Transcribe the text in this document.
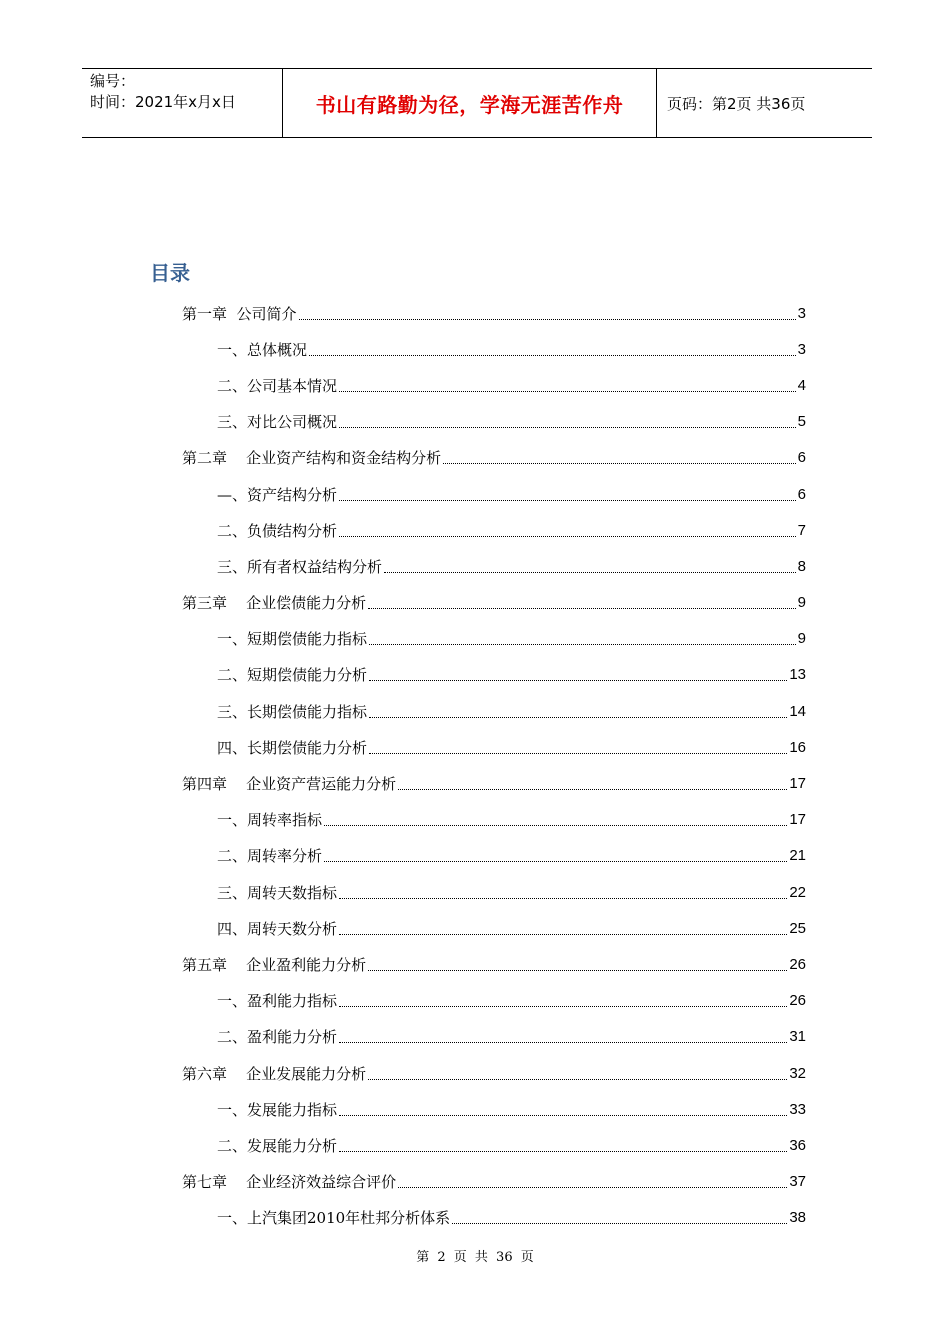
编号：
时间：2021年x月x日	书山有路勤为径，学海无涯苦作舟	页码：第2页 共36页
目录
第一章  公司简介	3
一、总体概况	3
二、公司基本情况	4
三、对比公司概况	5
第二章    企业资产结构和资金结构分析	6
—、资产结构分析	6
二、负债结构分析	7
三、所有者权益结构分析	8
第三章    企业偿债能力分析	9
一、短期偿债能力指标	9
二、短期偿债能力分析	13
三、长期偿债能力指标	14
四、长期偿债能力分析	16
第四章    企业资产营运能力分析	17
一、周转率指标	17
二、周转率分析	21
三、周转天数指标	22
四、周转天数分析	25
第五章    企业盈利能力分析	26
一、盈利能力指标	26
二、盈利能力分析	31
第六章    企业发展能力分析	32
一、发展能力指标	33
二、发展能力分析	36
第七章    企业经济效益综合评价	37
一、上汽集团2010年杜邦分析体系	38
第 2 页 共 36 页
